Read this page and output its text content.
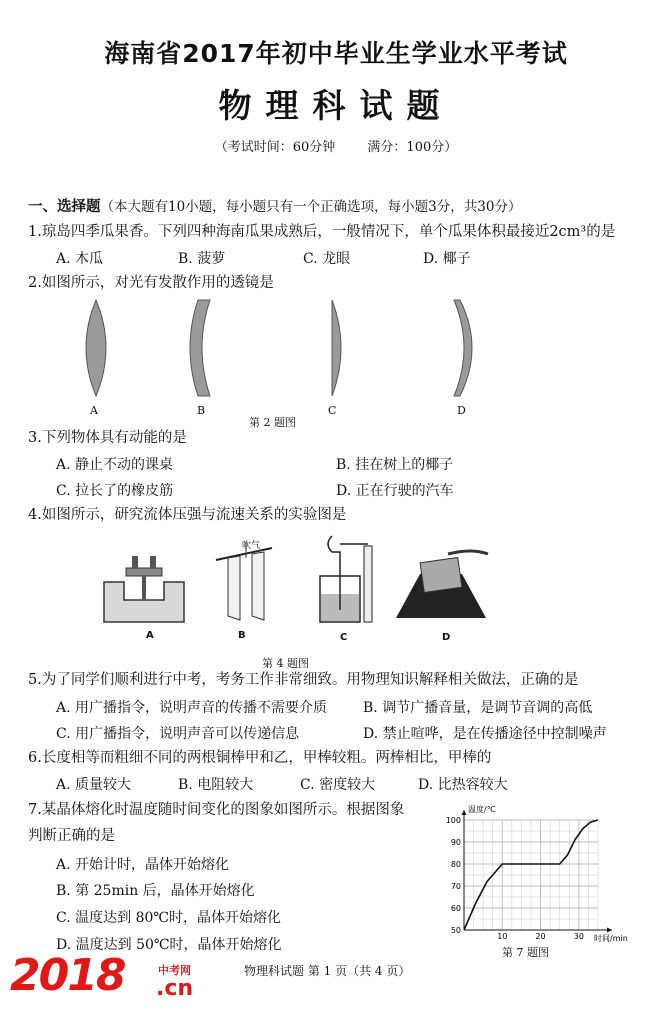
海南省2017年初中毕业生学业水平考试
物理科试题
（考试时间：60分钟 满分：100分）
一、选择题（本大题有10小题，每小题只有一个正确选项，每小题3分，共30分）
1.琼岛四季瓜果香。下列四种海南瓜果成熟后，一般情况下，单个瓜果体积最接近2cm³的是
A. 木瓜	B. 菠萝	C. 龙眼	D. 椰子
2.如图所示，对光有发散作用的透镜是
A	B	C	D
第 2 题图
3.下列物体具有动能的是
A. 静止不动的课桌	B. 挂在树上的椰子
C. 拉长了的橡皮筋	D. 正在行驶的汽车
4.如图所示，研究流体压强与流速关系的实验图是
吹气
A	B	C	D
第 4 题图
5.为了同学们顺利进行中考，考务工作非常细致。用物理知识解释相关做法，正确的是
A. 用广播指令，说明声音的传播不需要介质	B. 调节广播音量，是调节音调的高低
C. 用广播指令，说明声音可以传递信息	D. 禁止喧哗，是在传播途径中控制噪声
6.长度相等而粗细不同的两根铜棒甲和乙，甲棒较粗。两棒相比，甲棒的
A. 质量较大	B. 电阻较大	C. 密度较大	D. 比热容较大
7.某晶体熔化时温度随时间变化的图象如图所示。根据图象
判断正确的是
A. 开始计时，晶体开始熔化
B. 第 25min 后，晶体开始熔化
C. 温度达到 80℃时，晶体开始熔化
D. 温度达到 50℃时，晶体开始熔化
50
60
70
80
90
100
10	20	30
温度/℃
时间/min
第 7 题图
2018	中考网
.cn
物理科试题 第 1 页（共 4 页）
